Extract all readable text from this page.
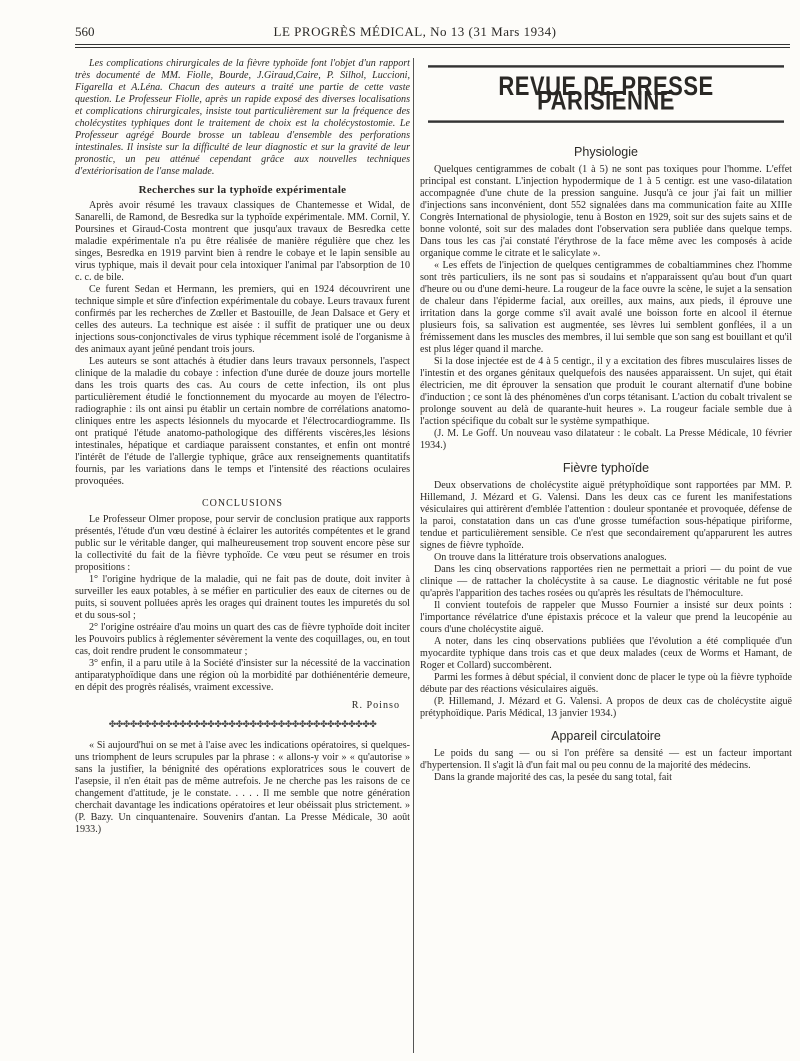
560	LE PROGRÈS MÉDICAL, No 13 (31 Mars 1934)

Les complications chirurgicales de la fièvre typhoïde font l'objet d'un rapport très documenté de MM. Fiolle, Bourde, J.Giraud,Caire, P. Silhol, Luccioni, Figarella et A.Léna. Chacun des auteurs a traité une partie de cette vaste question. Le Professeur Fiolle, après un rapide exposé des diverses localisations et complications chirurgicales, insiste tout particulièrement sur la fréquence des cholécystites typhiques dont le traitement de choix est la cholécystostomie. Le Professeur agrégé Bourde brosse un tableau d'ensemble des perforations intestinales. Il insiste sur la difficulté de leur diagnostic et sur la gravité de leur pronostic, un peu atténué cependant grâce aux nouvelles techniques d'extériorisation de l'anse malade.

Recherches sur la typhoïde expérimentale

Après avoir résumé les travaux classiques de Chantemesse et Widal, de Sanarelli, de Ramond, de Besredka sur la typhoïde expérimentale. MM. Cornil, Y. Poursines et Giraud-Costa montrent que jusqu'aux travaux de Besredka cette maladie expérimentale n'a pu être réalisée de manière régulière que chez les singes, Besredka en 1919 parvint bien à rendre le cobaye et le lapin sensible au virus typhique, mais il devait pour cela intoxiquer l'animal par l'absorption de 10 c. c. de bile.

Ce furent Sedan et Hermann, les premiers, qui en 1924 découvrirent une technique simple et sûre d'infection expérimentale du cobaye. Leurs travaux furent confirmés par les recherches de Zœller et Bastouille, de Jean Dalsace et Gery et celles des auteurs. La technique est aisée : il suffit de pratiquer une ou deux injections sous-conjonctivales de virus typhique récemment isolé de l'organisme à des animaux ayant jeûné pendant trois jours.

Les auteurs se sont attachés à étudier dans leurs travaux personnels, l'aspect clinique de la maladie du cobaye : infection d'une durée de douze jours mortelle dans les trois quarts des cas. Au cours de cette infection, ils ont plus particulièrement étudié le fonctionnement du myocarde au moyen de l'électro-radiographie : ils ont ainsi pu établir un certain nombre de corrélations anatomo-cliniques entre les aspects lésionnels du myocarde et l'électrocardiogramme. Ils ont pratiqué l'étude anatomo-pathologique des différents viscères,les lésions intestinales, hépatique et cardiaque paraissent constantes, et enfin ont montré l'intérêt de l'étude de l'allergie typhique, grâce aux renseignements quantitatifs fournis, par les variations dans le temps et l'intensité des réactions oculaires provoquées.

CONCLUSIONS

Le Professeur Olmer propose, pour servir de conclusion pratique aux rapports présentés, l'étude d'un vœu destiné à éclairer les autorités compétentes et le grand public sur le véritable danger, qui malheureusement trop souvent encore pèse sur la collectivité du fait de la fièvre typhoïde. Ce vœu peut se résumer en trois propositions :

1° l'origine hydrique de la maladie, qui ne fait pas de doute, doit inviter à surveiller les eaux potables, à se méfier en particulier des eaux de citernes ou de puits, si souvent polluées après les orages qui drainent toutes les impuretés du sol et du sous-sol ;

2° l'origine ostréaire d'au moins un quart des cas de fièvre typhoïde doit inciter les Pouvoirs publics à réglementer sévèrement la vente des coquillages, ou, en tout cas, doit rendre prudent le consommateur ;

3° enfin, il a paru utile à la Société d'insister sur la nécessité de la vaccination antiparatyphoïdique dans une région où la morbidité par dothiénentérie demeure, en dépit des progrès réalisés, vraiment excessive.

R. Poinso
✤✤✤✤✤✤✤✤✤✤✤✤✤✤✤✤✤✤✤✤✤✤✤✤✤✤✤✤✤✤✤✤✤✤✤✤✤✤

« Si aujourd'hui on se met à l'aise avec les indications opératoires, si quelques-uns triomphent de leurs scrupules par la phrase : « allons-y voir » « qu'autorise » sans la justifier, la bénignité des opérations exploratrices sous le couvert de l'asepsie, il n'en était pas de même autrefois. Je ne cherche pas les raisons de ce changement d'attitude, je le constate. . . . . Il me semble que notre génération cherchait davantage les indications opératoires et leur obéissait plus strictement. » (P. Bazy. Un cinquantenaire. Souvenirs d'antan. La Presse Médicale, 30 août 1933.)

REVUE DE PRESSE PARISIENNE
Physiologie

Quelques centigrammes de cobalt (1 à 5) ne sont pas toxiques pour l'homme. L'effet principal est constant. L'injection hypodermique de 1 à 5 centigr. est une vaso-dilatation accompagnée d'une chute de la pression sanguine. Jusqu'à ce jour j'ai fait un millier d'injections sans inconvénient, dont 552 signalées dans ma communication faite au XIIIe Congrès International de physiologie, tenu à Boston en 1929, soit sur des sujets sains et de bonne volonté, soit sur des malades dont l'observation sera publiée dans quelque temps. Dans tous les cas j'ai constaté l'érythrose de la face même avec les composés à acide organique comme le citrate et le salicylate ».

« Les effets de l'injection de quelques centigrammes de cobaltiammines chez l'homme sont très particuliers, ils ne sont pas si soudains et n'apparaissent qu'au bout d'un quart d'heure ou ou d'une demi-heure. La rougeur de la face ouvre la scène, le sujet a la sensation de chaleur dans l'épiderme facial, aux oreilles, aux mains, aux pieds, il éprouve une irritation dans la gorge comme s'il avait avalé une boisson forte en alcool il éternue plusieurs fois, sa salivation est augmentée, ses lèvres lui semblent gonflées, il a un frémissement dans les muscles des membres, il lui semble que son sang est bouillant et qu'il est plus léger quand il marche.

Si la dose injectée est de 4 à 5 centigr., il y a excitation des fibres musculaires lisses de l'intestin et des organes génitaux quelquefois des nausées apparaissent. Un sujet, qui était électricien, me dit éprouver la sensation que produit le courant alternatif d'une bobine d'induction ; ce sont là des phénomènes d'un corps tétanisant. L'action du cobalt trivalent se prolonge souvent au delà de quarante-huit heures ». La rougeur faciale semble due à l'action spécifique du cobalt sur le système sympathique.

(J. M. Le Goff. Un nouveau vaso dilatateur : le cobalt. La Presse Médicale, 10 février 1934.)

Fièvre typhoïde

Deux observations de cholécystite aiguë prétyphoïdique sont rapportées par MM. P. Hillemand, J. Mézard et G. Valensi. Dans les deux cas ce furent les manifestations vésiculaires qui attirèrent d'emblée l'attention : douleur spontanée et provoquée, défense de la paroi, constatation dans un cas d'une grosse tuméfaction sous-hépatique piriforme, tendue et particulièrement sensible. Ce n'est que secondairement qu'apparurent les autres signes de fièvre typhoïde.

On trouve dans la littérature trois observations analogues.

Dans les cinq observations rapportées rien ne permettait a priori — du point de vue clinique — de rattacher la cholécystite à sa cause. Le diagnostic véritable ne fut posé qu'après l'apparition des taches rosées ou qu'après les résultats de l'hémoculture.

Il convient toutefois de rappeler que Musso Fournier a insisté sur deux points : l'importance révélatrice d'une épistaxis précoce et la valeur que prend la leucopénie au cours d'une cholécystite aiguë.

A noter, dans les cinq observations publiées que l'évolution a été compliquée d'un myocardite typhique dans trois cas et que deux malades (ceux de Worms et Hamant, de Roger et Collard) succombèrent.

Parmi les formes à début spécial, il convient donc de placer le type où la fièvre typhoïde débute par des réactions vésiculaires aiguës.

(P. Hillemand, J. Mézard et G. Valensi. A propos de deux cas de cholécystite aiguë prétyphoïdique. Paris Médical, 13 janvier 1934.)

Appareil circulatoire

Le poids du sang — ou si l'on préfère sa densité — est un facteur important d'hypertension. Il s'agit là d'un fait mal ou peu connu de la majorité des médecins.

Dans la grande majorité des cas, la pesée du sang total, fait
